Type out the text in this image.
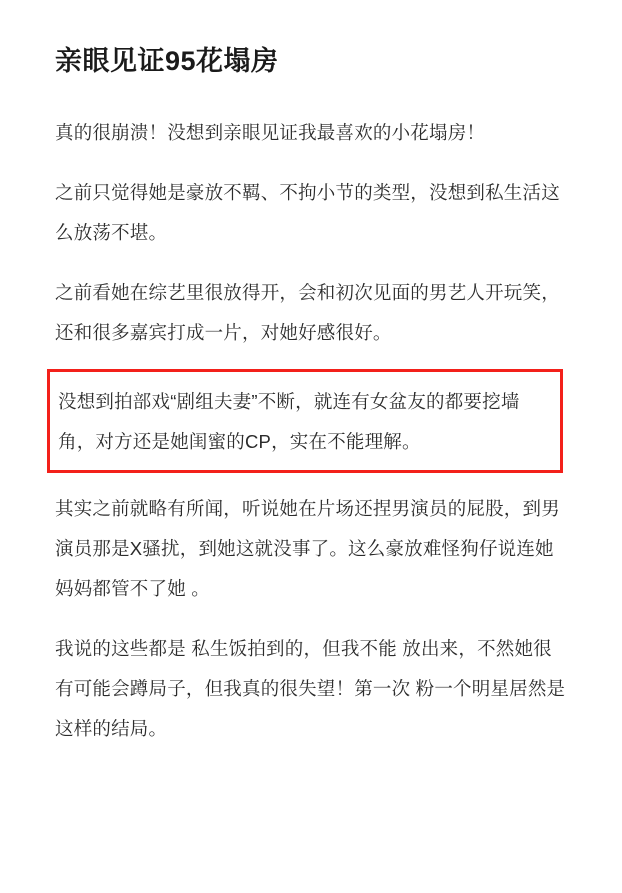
亲眼见证95花塌房

真的很崩溃！没想到亲眼见证我最喜欢的小花塌房！

之前只觉得她是豪放不羁、不拘小节的类型，没想到私生活这么放荡不堪。

之前看她在综艺里很放得开，会和初次见面的男艺人开玩笑，还和很多嘉宾打成一片，对她好感很好。

没想到拍部戏“剧组夫妻”不断，就连有女盆友的都要挖墙角，对方还是她闺蜜的CP，实在不能理解。

其实之前就略有所闻，听说她在片场还捏男演员的屁股，到男演员那是X骚扰，到她这就没事了。这么豪放难怪狗仔说连她妈妈都管不了她 。

我说的这些都是 私生饭拍到的，但我不能 放出来，不然她很有可能会蹲局子，但我真的很失望！第一次 粉一个明星居然是这样的结局。
